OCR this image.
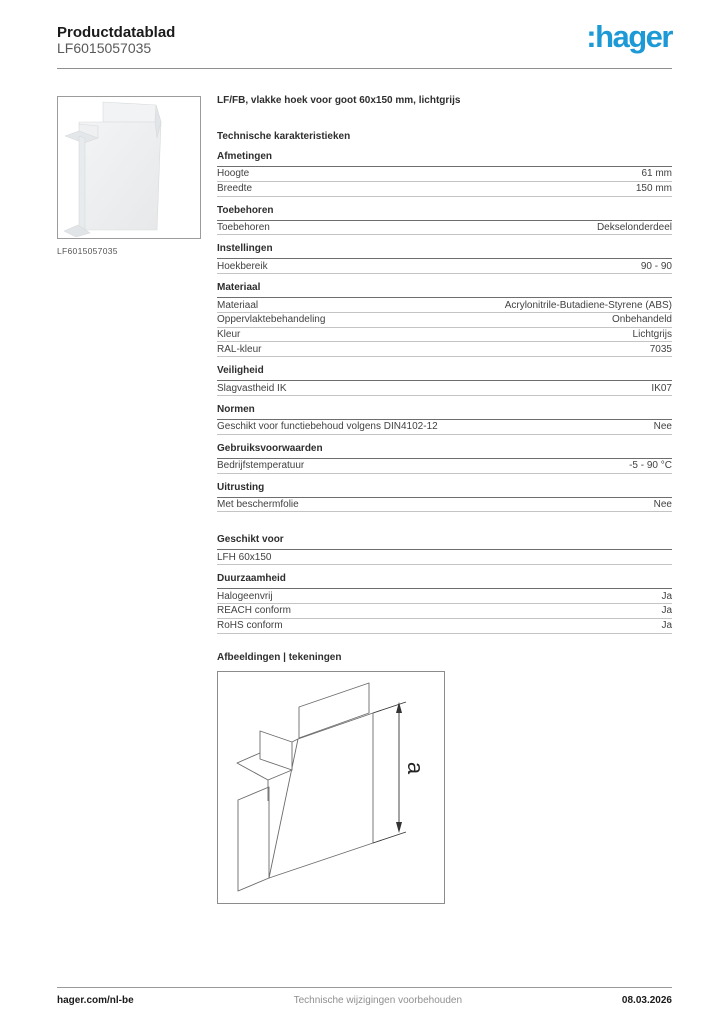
Productdatablad
LF6015057035	:hager
LF6015057035
LF/FB, vlakke hoek voor goot 60x150 mm, lichtgrijs
Technische karakteristieken
Afmetingen
Hoogte	61 mm
Breedte	150 mm
Toebehoren
Toebehoren	Dekselonderdeel
Instellingen
Hoekbereik	90 - 90
Materiaal
Materiaal	Acrylonitrile-Butadiene-Styrene (ABS)
Oppervlaktebehandeling	Onbehandeld
Kleur	Lichtgrijs
RAL-kleur	7035
Veiligheid
Slagvastheid IK	IK07
Normen
Geschikt voor functiebehoud volgens DIN4102-12	Nee
Gebruiksvoorwaarden
Bedrijfstemperatuur	-5 - 90 °C
Uitrusting
Met beschermfolie	Nee
Geschikt voor
LFH 60x150
Duurzaamheid
Halogeenvrij	Ja
REACH conform	Ja
RoHS conform	Ja
Afbeeldingen | tekeningen
a
hager.com/nl-be	Technische wijzigingen voorbehouden	08.03.2026
